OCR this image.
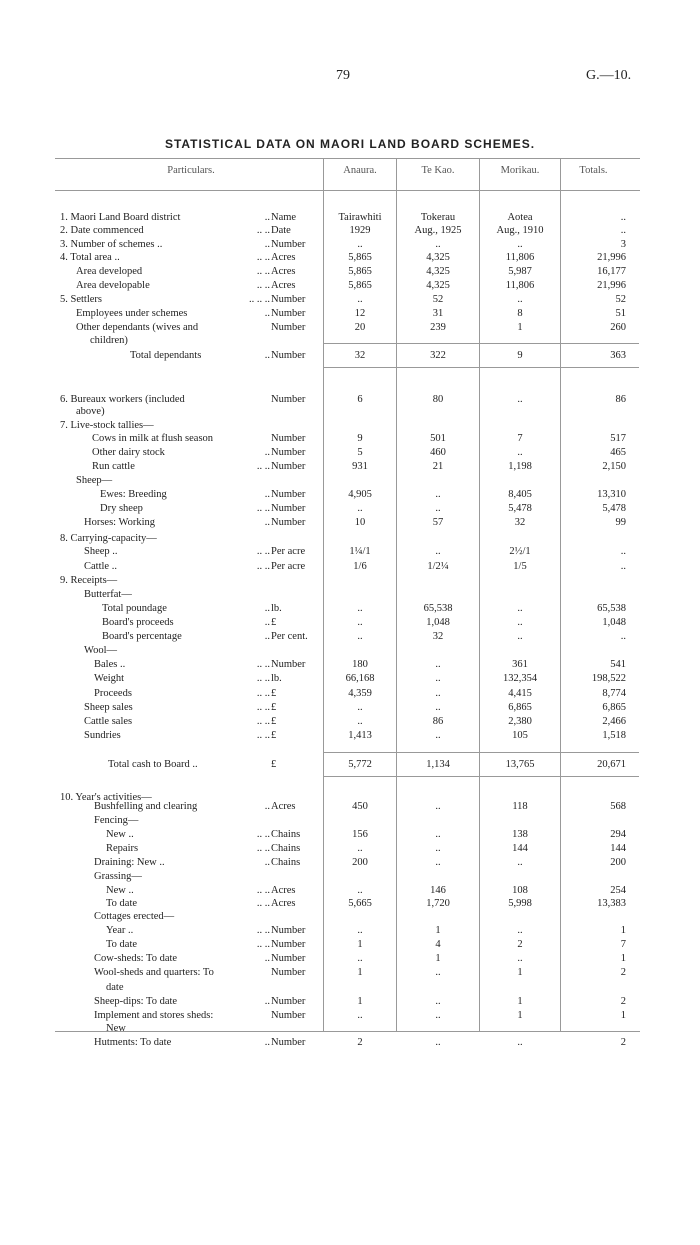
79	G.—10.
STATISTICAL DATA ON MAORI LAND BOARD SCHEMES.
Particulars.	Anaura.	Te Kao.	Morikau.	Totals.
1. Maori Land Board district	.. Name	Tairawhiti	Tokerau	Aotea	..
2. Date commenced	.. .. Date	1929	Aug., 1925	Aug., 1910	..
3. Number of schemes ..	.. Number	..	..	..	3
4. Total area ..	.. .. Acres	5,865	4,325	11,806	21,996
Area developed	.. .. Acres	5,865	4,325	5,987	16,177
Area developable	.. .. Acres	5,865	4,325	11,806	21,996
5. Settlers	.. .. .. Number	..	52	..	52
Employees under schemes	.. Number	12	31	8	51
Other dependants (wives and	Number	20	239	1	260
children)
Total dependants	.. Number	32	322	9	363
6. Bureaux workers (included	Number	6	80	..	86
above)
7. Live-stock tallies—
Cows in milk at flush season	Number	9	501	7	517
Other dairy stock	.. Number	5	460	..	465
Run cattle	.. .. Number	931	21	1,198	2,150
Sheep—
Ewes: Breeding	.. Number	4,905	..	8,405	13,310
Dry sheep	.. .. Number	..	..	5,478	5,478
Horses: Working	.. Number	10	57	32	99
8. Carrying-capacity—
Sheep ..	.. .. Per acre	1¼/1	..	2½/1	..
Cattle ..	.. .. Per acre	1/6	1/2¼	1/5	..
9. Receipts—
Butterfat—
Total poundage	.. lb.	..	65,538	..	65,538
Board's proceeds	.. £	..	1,048	..	1,048
Board's percentage	.. Per cent.	..	32	..	..
Wool—
Bales ..	.. .. Number	180	..	361	541
Weight	.. .. lb.	66,168	..	132,354	198,522
Proceeds	.. .. £	4,359	..	4,415	8,774
Sheep sales	.. .. £	..	..	6,865	6,865
Cattle sales	.. .. £	..	86	2,380	2,466
Sundries	.. .. £	1,413	..	105	1,518
Total cash to Board ..	£	5,772	1,134	13,765	20,671
10. Year's activities—
Bushfelling and clearing	.. Acres	450	..	118	568
Fencing—
New ..	.. .. Chains	156	..	138	294
Repairs	.. .. Chains	..	..	144	144
Draining: New ..	.. Chains	200	..	..	200
Grassing—
New ..	.. .. Acres	..	146	108	254
To date	.. .. Acres	5,665	1,720	5,998	13,383
Cottages erected—
Year ..	.. .. Number	..	1	..	1
To date	.. .. Number	1	4	2	7
Cow-sheds: To date	.. Number	..	1	..	1
Wool-sheds and quarters: To	Number	1	..	1	2
date
Sheep-dips: To date	.. Number	1	..	1	2
Implement and stores sheds:	Number	..	..	1	1
New
Hutments: To date	.. Number	2	..	..	2
